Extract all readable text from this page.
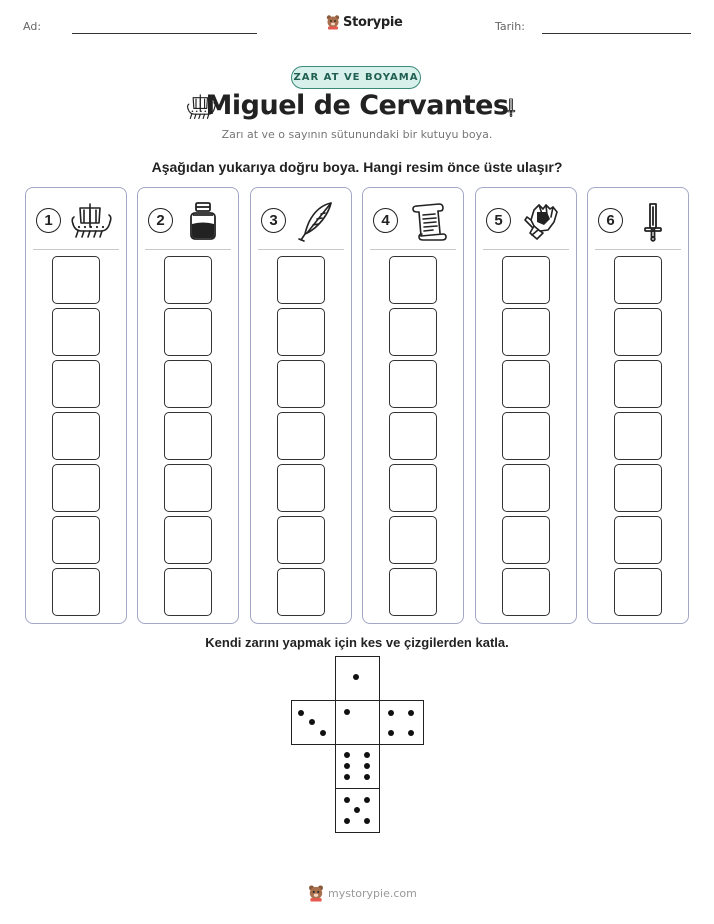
Ad:	Storypie	Tarih:
ZAR AT VE BOYAMA
Miguel de Cervantes
Zarı at ve o sayının sütunundaki bir kutuyu boya.
Aşağıdan yukarıya doğru boya. Hangi resim önce üste ulaşır?
1	2	3	4	5	6
Kendi zarını yapmak için kes ve çizgilerden katla.
mystorypie.com
